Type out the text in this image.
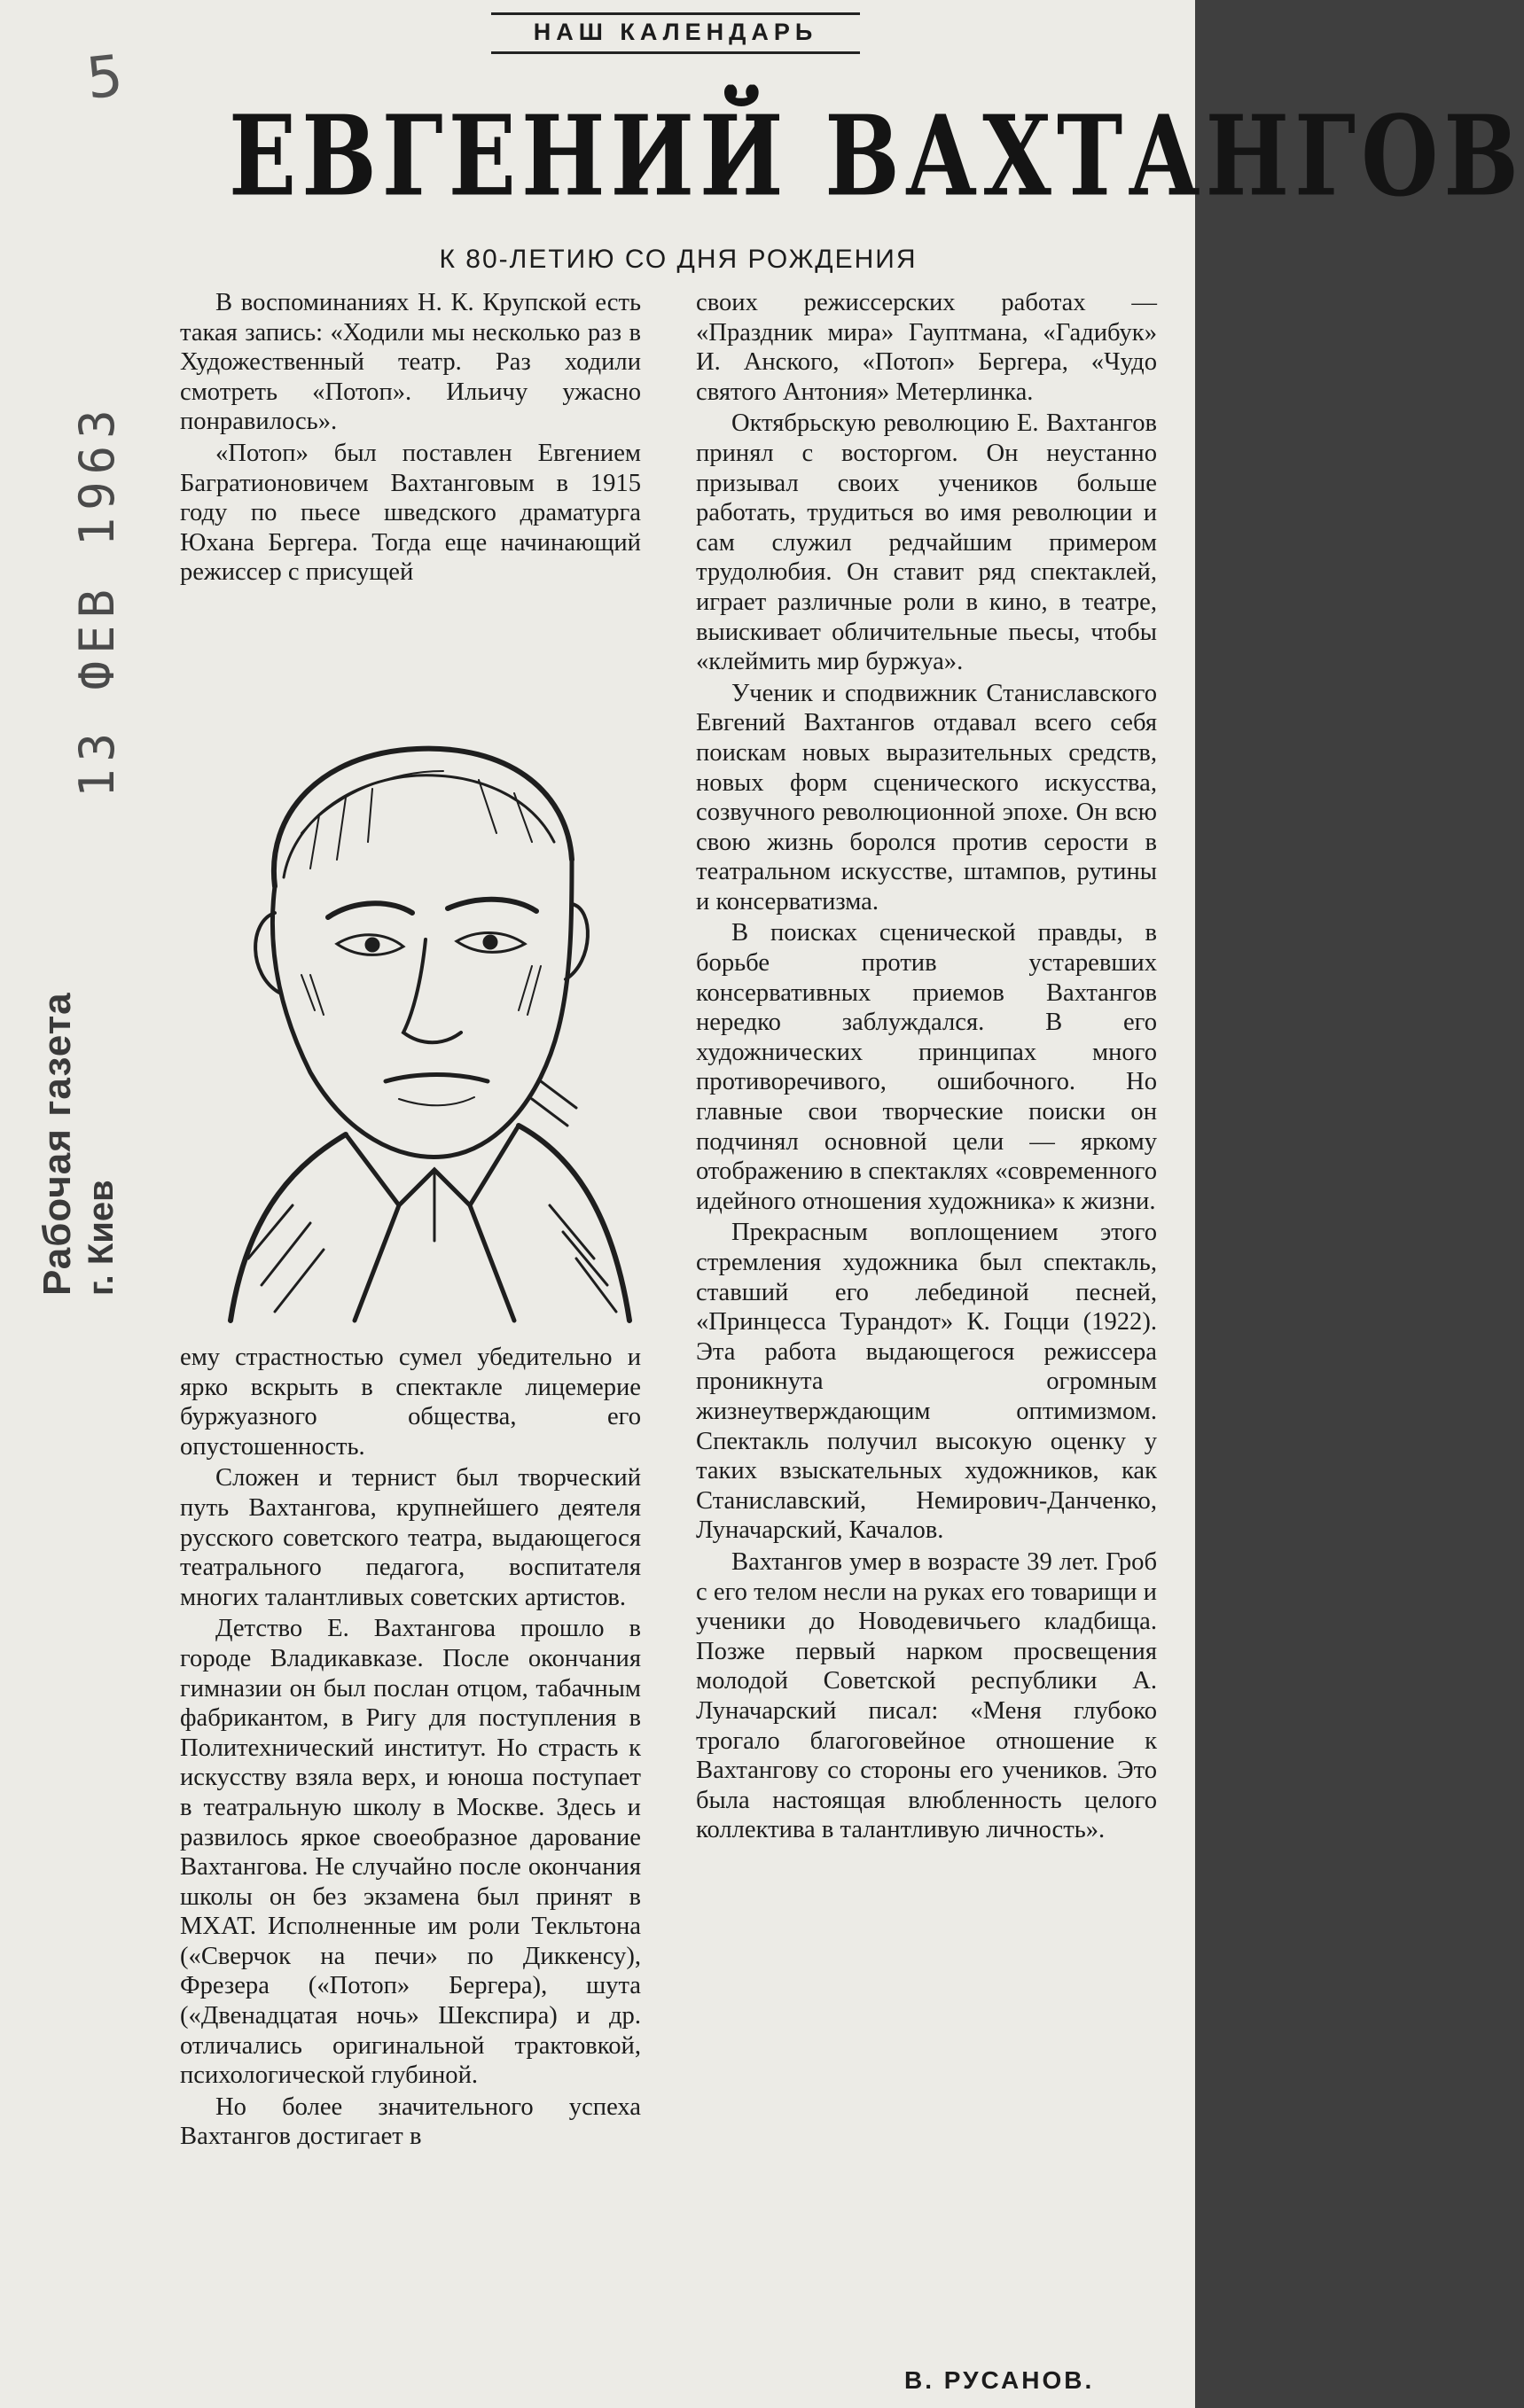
НАШ КАЛЕНДАРЬ
5
ЕВГЕНИЙ ВАХТАНГОВ
К 80-ЛЕТИЮ СО ДНЯ РОЖДЕНИЯ
Рабочая газета г. Киев
13 ФЕВ 1963

В воспоминаниях Н. К. Крупской есть такая запись: «Ходили мы несколько раз в Художественный театр. Раз ходили смотреть «Потоп». Ильичу ужасно понравилось».

«Потоп» был поставлен Евгением Багратионовичем Вахтанговым в 1915 году по пьесе шведского драматурга Юхана Бергера. Тогда еще начинающий режиссер с присущей

ему страстностью сумел убедительно и ярко вскрыть в спектакле лицемерие буржуазного общества, его опустошенность.

Сложен и тернист был творческий путь Вахтангова, крупнейшего деятеля русского советского театра, выдающегося театрального педагога, воспитателя многих талантливых советских артистов.

Детство Е. Вахтангова прошло в городе Владикавказе. После окончания гимназии он был послан отцом, табачным фабрикантом, в Ригу для поступления в Политехнический институт. Но страсть к искусству взяла верх, и юноша поступает в театральную школу в Москве. Здесь и развилось яркое своеобразное дарование Вахтангова. Не случайно после окончания школы он без экзамена был принят в МХАТ. Исполненные им роли Текльтона («Сверчок на печи» по Диккенсу), Фрезера («Потоп» Бергера), шута («Двенадцатая ночь» Шекспира) и др. отличались оригинальной трактовкой, психологической глубиной.

Но более значительного успеха Вахтангов достигает в

своих режиссерских работах — «Праздник мира» Гауптмана, «Гадибук» И. Анского, «Потоп» Бергера, «Чудо святого Антония» Метерлинка.

Октябрьскую революцию Е. Вахтангов принял с восторгом. Он неустанно призывал своих учеников больше работать, трудиться во имя революции и сам служил редчайшим примером трудолюбия. Он ставит ряд спектаклей, играет различные роли в кино, в театре, выискивает обличительные пьесы, чтобы «клеймить мир буржуа».

Ученик и сподвижник Станиславского Евгений Вахтангов отдавал всего себя поискам новых выразительных средств, новых форм сценического искусства, созвучного революционной эпохе. Он всю свою жизнь боролся против серости в театральном искусстве, штампов, рутины и консерватизма.

В поисках сценической правды, в борьбе против устаревших консервативных приемов Вахтангов нередко заблуждался. В его художнических принципах много противоречивого, ошибочного. Но главные свои творческие поиски он подчинял основной цели — яркому отображению в спектаклях «современного идейного отношения художника» к жизни.

Прекрасным воплощением этого стремления художника был спектакль, ставший его лебединой песней, «Принцесса Турандот» К. Гоцци (1922). Эта работа выдающегося режиссера проникнута огромным жизнеутверждающим оптимизмом. Спектакль получил высокую оценку у таких взыскательных художников, как Станиславский, Немирович-Данченко, Луначарский, Качалов.

Вахтангов умер в возрасте 39 лет. Гроб с его телом несли на руках его товарищи и ученики до Новодевичьего кладбища. Позже первый нарком просвещения молодой Советской республики А. Луначарский писал: «Меня глубоко трогало благоговейное отношение к Вахтангову со стороны его учеников. Это была настоящая влюбленность целого коллектива в талантливую личность».

В. РУСАНОВ.
